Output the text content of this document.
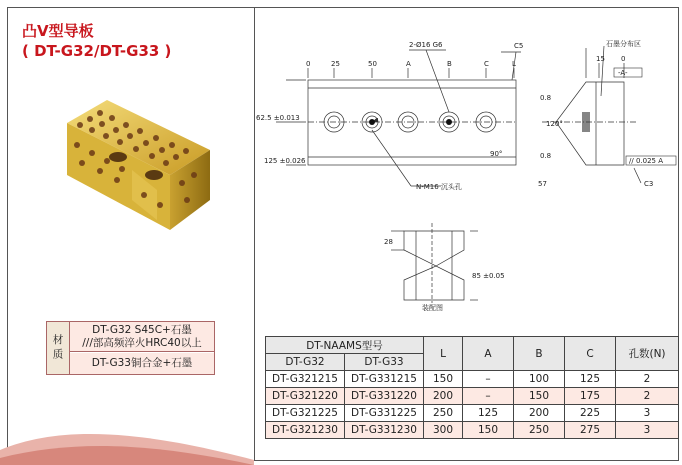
凸V型导板
( DT-G32/DT-G33 )
材质
DT-G32 S45C+石墨
///部高频淬火HRC40以上
DT-G33铜合金+石墨
0	25	50	A	B	C	L
2-Ø16 G6	C5
62.5 ±0.013
125 ±0.026
N-M16 沉头孔
90°
石墨分布区
15 0
120°
0.8
0.8
57	C3
-A-
// 0.025 A
28
85 ±0.05
装配图
DT-NAAMS型号		L	A	B	C	孔数(N)
DT-G32	DT-G33					
DT-G321215	DT-G331215	150	–	100	125	2
DT-G321220	DT-G331220	200	–	150	175	2
DT-G321225	DT-G331225	250	125	200	225	3
DT-G321230	DT-G331230	300	150	250	275	3
